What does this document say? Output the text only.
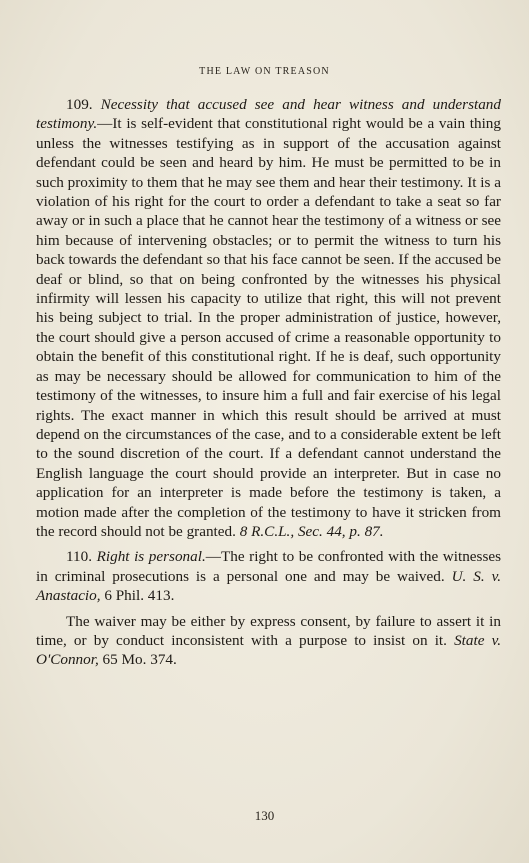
THE LAW ON TREASON

109. Necessity that accused see and hear witness and understand testimony.—It is self-evident that constitutional right would be a vain thing unless the witnesses testifying as in support of the accusation against defendant could be seen and heard by him. He must be permitted to be in such proximity to them that he may see them and hear their testimony. It is a violation of his right for the court to order a defendant to take a seat so far away or in such a place that he cannot hear the testimony of a witness or see him because of intervening obstacles; or to permit the witness to turn his back towards the defendant so that his face cannot be seen. If the accused be deaf or blind, so that on being confronted by the witnesses his physical infirmity will lessen his capacity to utilize that right, this will not prevent his being subject to trial. In the proper administration of justice, however, the court should give a person accused of crime a reasonable opportunity to obtain the benefit of this constitutional right. If he is deaf, such opportunity as may be necessary should be allowed for communication to him of the testimony of the witnesses, to insure him a full and fair exercise of his legal rights. The exact manner in which this result should be arrived at must depend on the circumstances of the case, and to a considerable extent be left to the sound discretion of the court. If a defendant cannot understand the English language the court should provide an interpreter. But in case no application for an interpreter is made before the testimony is taken, a motion made after the completion of the testimony to have it stricken from the record should not be granted. 8 R.C.L., Sec. 44, p. 87.

110. Right is personal.—The right to be confronted with the witnesses in criminal prosecutions is a personal one and may be waived. U. S. v. Anastacio, 6 Phil. 413.

The waiver may be either by express consent, by failure to assert it in time, or by conduct inconsistent with a purpose to insist on it. State v. O'Connor, 65 Mo. 374.

130
